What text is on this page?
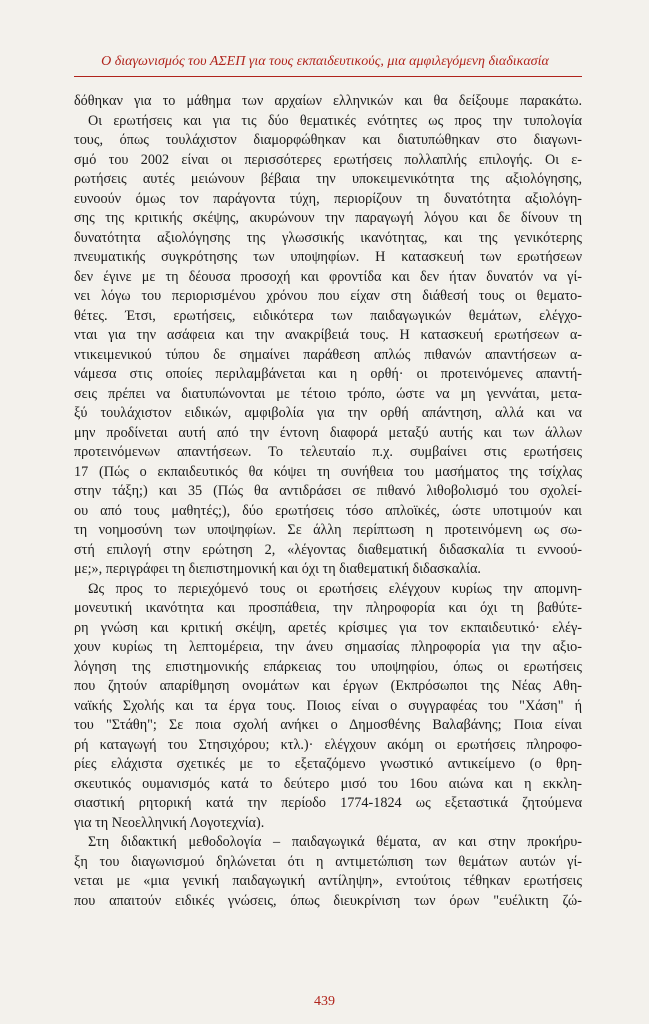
Ο διαγωνισμός του ΑΣΕΠ για τους εκπαιδευτικούς, μια αμφιλεγόμενη διαδικασία
δόθηκαν για το μάθημα των αρχαίων ελληνικών και θα δείξουμε παρακάτω.
Οι ερωτήσεις και για τις δύο θεματικές ενότητες ως προς την τυπολογία
τους, όπως τουλάχιστον διαμορφώθηκαν και διατυπώθηκαν στο διαγωνι-
σμό του 2002 είναι οι περισσότερες ερωτήσεις πολλαπλής επιλογής. Οι ε-
ρωτήσεις αυτές μειώνουν βέβαια την υποκειμενικότητα της αξιολόγησης,
ευνοούν όμως τον παράγοντα τύχη, περιορίζουν τη δυνατότητα αξιολόγη-
σης της κριτικής σκέψης, ακυρώνουν την παραγωγή λόγου και δε δίνουν τη
δυνατότητα αξιολόγησης της γλωσσικής ικανότητας, και της γενικότερης
πνευματικής συγκρότησης των υποψηφίων. Η κατασκευή των ερωτήσεων
δεν έγινε με τη δέουσα προσοχή και φροντίδα και δεν ήταν δυνατόν να γί-
νει λόγω του περιορισμένου χρόνου που είχαν στη διάθεσή τους οι θεματο-
θέτες. Έτσι, ερωτήσεις, ειδικότερα των παιδαγωγικών θεμάτων, ελέγχο-
νται για την ασάφεια και την ανακρίβειά τους. Η κατασκευή ερωτήσεων α-
ντικειμενικού τύπου δε σημαίνει παράθεση απλώς πιθανών απαντήσεων α-
νάμεσα στις οποίες περιλαμβάνεται και η ορθή· οι προτεινόμενες απαντή-
σεις πρέπει να διατυπώνονται με τέτοιο τρόπο, ώστε να μη γεννάται, μετα-
ξύ τουλάχιστον ειδικών, αμφιβολία για την ορθή απάντηση, αλλά και να
μην προδίνεται αυτή από την έντονη διαφορά μεταξύ αυτής και των άλλων
προτεινόμενων απαντήσεων. Το τελευταίο π.χ. συμβαίνει στις ερωτήσεις
17 (Πώς ο εκπαιδευτικός θα κόψει τη συνήθεια του μασήματος της τσίχλας
στην τάξη;) και 35 (Πώς θα αντιδράσει σε πιθανό λιθοβολισμό του σχολεί-
ου από τους μαθητές;), δύο ερωτήσεις τόσο απλοϊκές, ώστε υποτιμούν και
τη νοημοσύνη των υποψηφίων. Σε άλλη περίπτωση η προτεινόμενη ως σω-
στή επιλογή στην ερώτηση 2, «λέγοντας διαθεματική διδασκαλία τι εννοού-
με;», περιγράφει τη διεπιστημονική και όχι τη διαθεματική διδασκαλία.
Ως προς το περιεχόμενό τους οι ερωτήσεις ελέγχουν κυρίως την απομνη-
μονευτική ικανότητα και προσπάθεια, την πληροφορία και όχι τη βαθύτε-
ρη γνώση και κριτική σκέψη, αρετές κρίσιμες για τον εκπαιδευτικό· ελέγ-
χουν κυρίως τη λεπτομέρεια, την άνευ σημασίας πληροφορία για την αξιο-
λόγηση της επιστημονικής επάρκειας του υποψηφίου, όπως οι ερωτήσεις
που ζητούν απαρίθμηση ονομάτων και έργων (Εκπρόσωποι της Νέας Αθη-
ναϊκής Σχολής και τα έργα τους. Ποιος είναι ο συγγραφέας του "Χάση" ή
του "Στάθη"; Σε ποια σχολή ανήκει ο Δημοσθένης Βαλαβάνης; Ποια είναι
ρή καταγωγή του Στησιχόρου; κτλ.)· ελέγχουν ακόμη οι ερωτήσεις πληροφο-
ρίες ελάχιστα σχετικές με το εξεταζόμενο γνωστικό αντικείμενο (ο θρη-
σκευτικός ουμανισμός κατά το δεύτερο μισό του 16ου αιώνα και η εκκλη-
σιαστική ρητορική κατά την περίοδο 1774-1824 ως εξεταστικά ζητούμενα
για τη Νεοελληνική Λογοτεχνία).
Στη διδακτική μεθοδολογία – παιδαγωγικά θέματα, αν και στην προκήρυ-
ξη του διαγωνισμού δηλώνεται ότι η αντιμετώπιση των θεμάτων αυτών γί-
νεται με «μια γενική παιδαγωγική αντίληψη», εντούτοις τέθηκαν ερωτήσεις
που απαιτούν ειδικές γνώσεις, όπως διευκρίνιση των όρων "ευέλικτη ζώ-
439
